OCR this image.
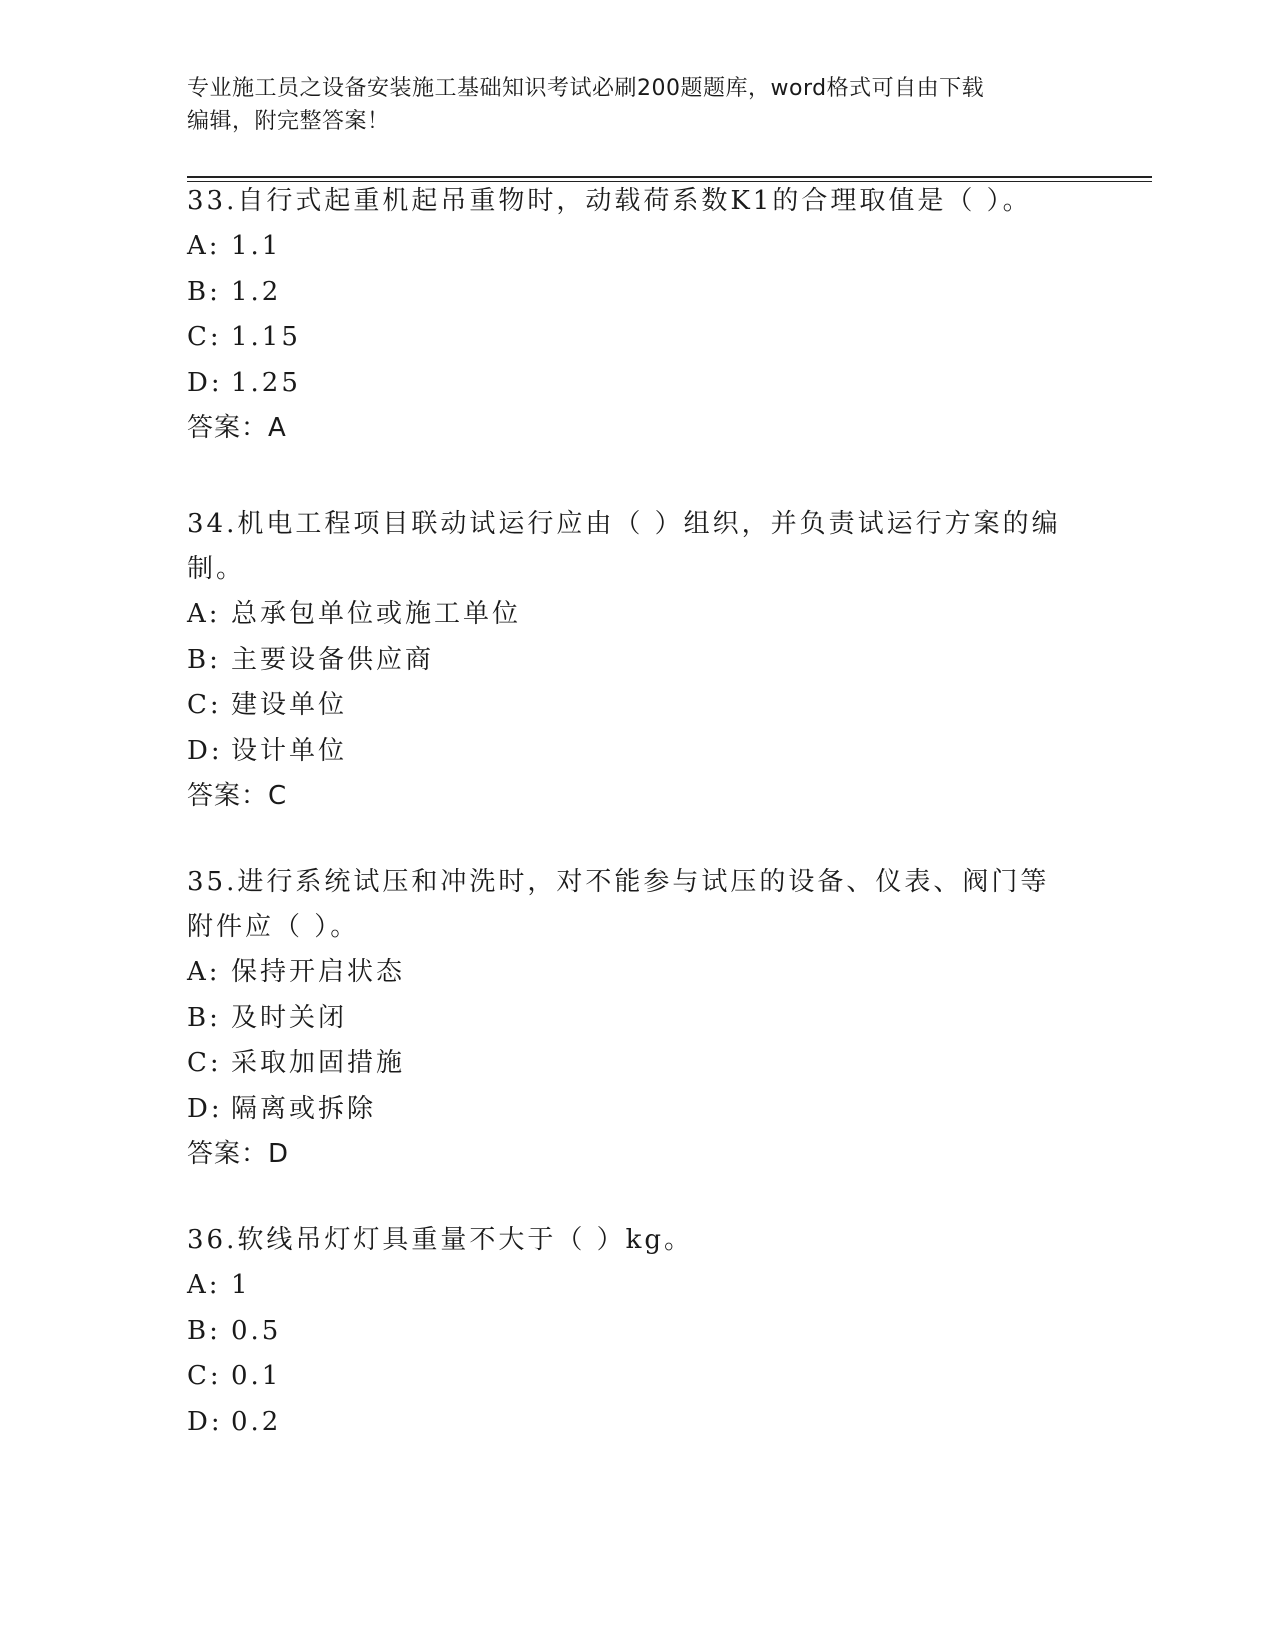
专业施工员之设备安装施工基础知识考试必刷200题题库，word格式可自由下载
编辑，附完整答案！

33.自行式起重机起吊重物时，动载荷系数K1的合理取值是（ ）。

A: 1.1

B: 1.2

C: 1.15

D: 1.25

答案：A

34.机电工程项目联动试运行应由（ ）组织，并负责试运行方案的编制。

A: 总承包单位或施工单位

B: 主要设备供应商

C: 建设单位

D: 设计单位

答案：C

35.进行系统试压和冲洗时，对不能参与试压的设备、仪表、阀门等附件应（ ）。

A: 保持开启状态

B: 及时关闭

C: 采取加固措施

D: 隔离或拆除

答案：D

36.软线吊灯灯具重量不大于（ ）kg。

A: 1

B: 0.5

C: 0.1

D: 0.2
